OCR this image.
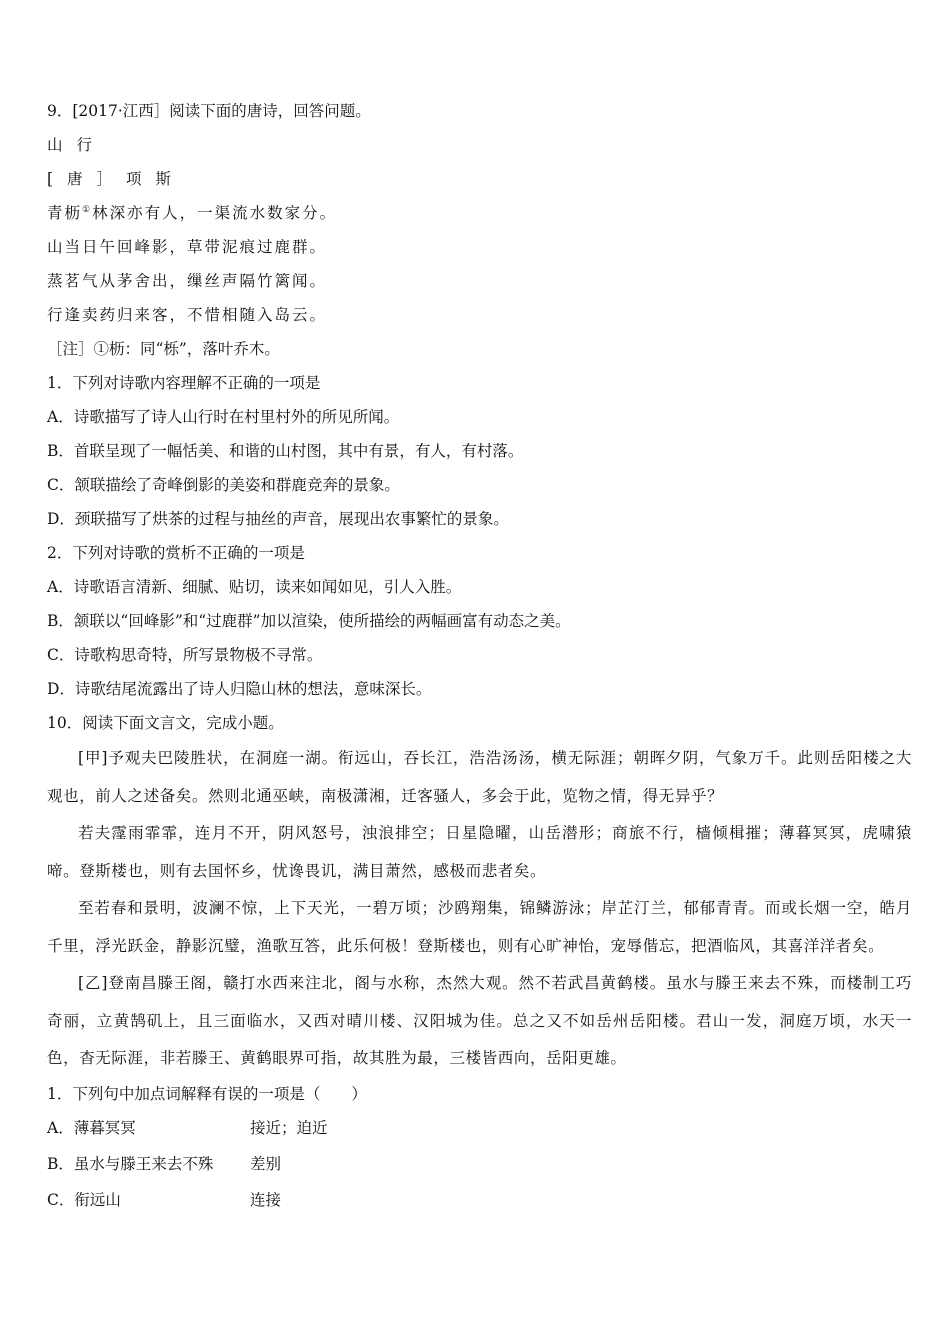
9．[2017·江西］阅读下面的唐诗，回答问题。
山行
[唐］项斯
青枥①林深亦有人，一渠流水数家分。
山当日午回峰影，草带泥痕过鹿群。
蒸茗气从茅舍出，缫丝声隔竹篱闻。
行逢卖药归来客，不惜相随入岛云。
［注］①枥：同“栎”，落叶乔木。
1．下列对诗歌内容理解不正确的一项是
A．诗歌描写了诗人山行时在村里村外的所见所闻。
B．首联呈现了一幅恬美、和谐的山村图，其中有景，有人，有村落。
C．颔联描绘了奇峰倒影的美姿和群鹿竞奔的景象。
D．颈联描写了烘茶的过程与抽丝的声音，展现出农事繁忙的景象。
2．下列对诗歌的赏析不正确的一项是
A．诗歌语言清新、细腻、贴切，读来如闻如见，引人入胜。
B．颔联以“回峰影”和“过鹿群”加以渲染，使所描绘的两幅画富有动态之美。
C．诗歌构思奇特，所写景物极不寻常。
D．诗歌结尾流露出了诗人归隐山林的想法，意味深长。
10．阅读下面文言文，完成小题。

[甲]予观夫巴陵胜状，在洞庭一湖。衔远山，吞长江，浩浩汤汤，横无际涯；朝晖夕阴，气象万千。此则岳阳楼之大观也，前人之述备矣。然则北通巫峡，南极潇湘，迁客骚人，多会于此，览物之情，得无异乎？

若夫霪雨霏霏，连月不开，阴风怒号，浊浪排空；日星隐曜，山岳潜形；商旅不行，樯倾楫摧；薄暮冥冥，虎啸猿啼。登斯楼也，则有去国怀乡，忧谗畏讥，满目萧然，感极而悲者矣。

至若春和景明，波澜不惊，上下天光，一碧万顷；沙鸥翔集，锦鳞游泳；岸芷汀兰，郁郁青青。而或长烟一空，皓月千里，浮光跃金，静影沉璧，渔歌互答，此乐何极！登斯楼也，则有心旷神怡，宠辱偕忘，把酒临风，其喜洋洋者矣。

[乙]登南昌滕王阁，赣打水西来注北，阁与水称，杰然大观。然不若武昌黄鹤楼。虽水与滕王来去不殊，而楼制工巧奇丽，立黄鹄矶上，且三面临水，又西对晴川楼、汉阳城为佳。总之又不如岳州岳阳楼。君山一发，洞庭万顷，水天一色，杳无际涯，非若滕王、黄鹤眼界可指，故其胜为最，三楼皆西向，岳阳更雄。

1．下列句中加点词解释有误的一项是（　　）
A．薄暮冥冥	接近；迫近
B．虽水与滕王来去不殊 差别
C．衔远山	连接
